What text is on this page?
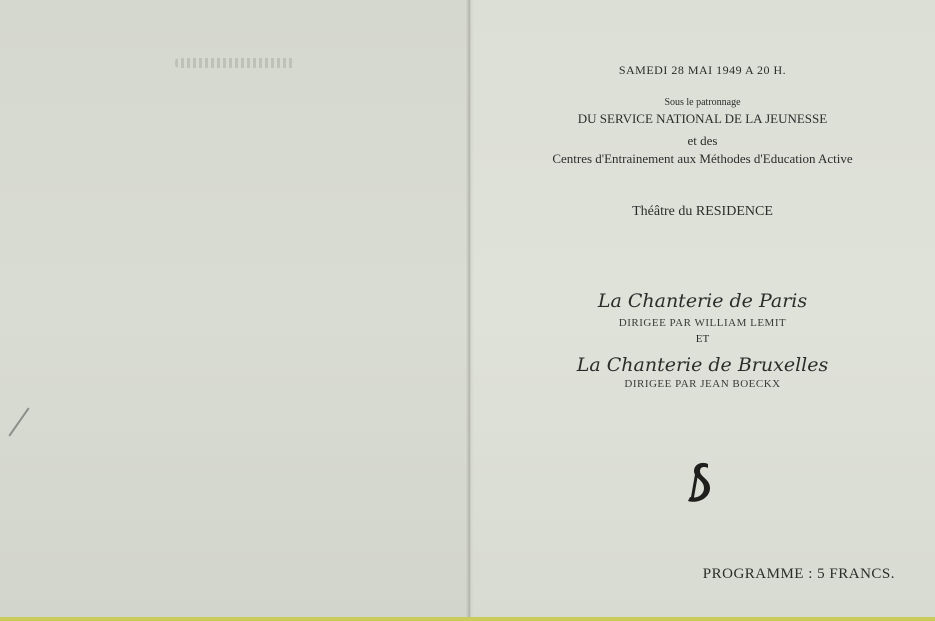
SAMEDI 28 MAI 1949 A 20 H.
Sous le patronnage
DU SERVICE NATIONAL DE LA JEUNESSE
et des
Centres d'Entrainement aux Méthodes d'Education Active
Théâtre du RESIDENCE
La Chanterie de Paris
DIRIGEE PAR WILLIAM LEMIT
ET
La Chanterie de Bruxelles
DIRIGEE PAR JEAN BOECKX
PROGRAMME : 5 FRANCS.
